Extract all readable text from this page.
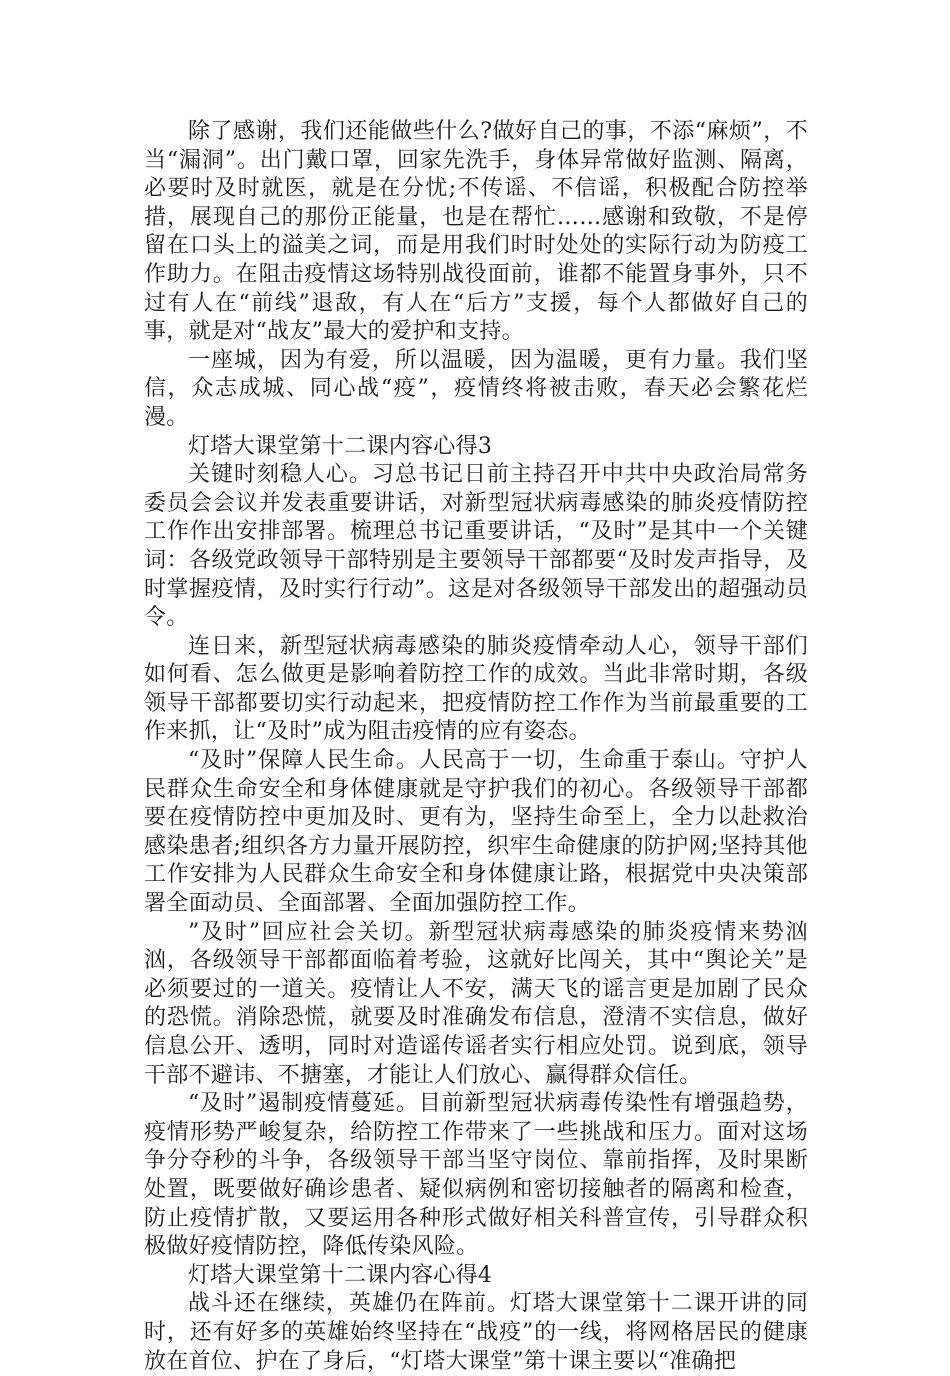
除了感谢，我们还能做些什么?做好自己的事，不添“麻烦”，不当“漏洞”。出门戴口罩，回家先洗手，身体异常做好监测、隔离，必要时及时就医，就是在分忧;不传谣、不信谣，积极配合防控举措，展现自己的那份正能量，也是在帮忙……感谢和致敬，不是停留在口头上的溢美之词，而是用我们时时处处的实际行动为防疫工作助力。在阻击疫情这场特别战役面前，谁都不能置身事外，只不过有人在“前线”退敌，有人在“后方”支援，每个人都做好自己的事，就是对“战友”最大的爱护和支持。

一座城，因为有爱，所以温暖，因为温暖，更有力量。我们坚信，众志成城、同心战“疫”，疫情终将被击败，春天必会繁花烂漫。

灯塔大课堂第十二课内容心得3

关键时刻稳人心。习总书记日前主持召开中共中央政治局常务委员会会议并发表重要讲话，对新型冠状病毒感染的肺炎疫情防控工作作出安排部署。梳理总书记重要讲话，“及时”是其中一个关键词：各级党政领导干部特别是主要领导干部都要“及时发声指导，及时掌握疫情，及时实行行动”。这是对各级领导干部发出的超强动员令。

连日来，新型冠状病毒感染的肺炎疫情牵动人心，领导干部们如何看、怎么做更是影响着防控工作的成效。当此非常时期，各级领导干部都要切实行动起来，把疫情防控工作作为当前最重要的工作来抓，让“及时”成为阻击疫情的应有姿态。

“及时”保障人民生命。人民高于一切，生命重于泰山。守护人民群众生命安全和身体健康就是守护我们的初心。各级领导干部都要在疫情防控中更加及时、更有为，坚持生命至上，全力以赴救治感染患者;组织各方力量开展防控，织牢生命健康的防护网;坚持其他工作安排为人民群众生命安全和身体健康让路，根据党中央决策部署全面动员、全面部署、全面加强防控工作。

”及时”回应社会关切。新型冠状病毒感染的肺炎疫情来势汹汹，各级领导干部都面临着考验，这就好比闯关，其中“舆论关”是必须要过的一道关。疫情让人不安，满天飞的谣言更是加剧了民众的恐慌。消除恐慌，就要及时准确发布信息，澄清不实信息，做好信息公开、透明，同时对造谣传谣者实行相应处罚。说到底，领导干部不避讳、不搪塞，才能让人们放心、赢得群众信任。

“及时”遏制疫情蔓延。目前新型冠状病毒传染性有增强趋势，疫情形势严峻复杂，给防控工作带来了一些挑战和压力。面对这场争分夺秒的斗争，各级领导干部当坚守岗位、靠前指挥，及时果断处置，既要做好确诊患者、疑似病例和密切接触者的隔离和检查，防止疫情扩散，又要运用各种形式做好相关科普宣传，引导群众积极做好疫情防控，降低传染风险。

灯塔大课堂第十二课内容心得4

战斗还在继续，英雄仍在阵前。灯塔大课堂第十二课开讲的同时，还有好多的英雄始终坚持在“战疫”的一线，将网格居民的健康放在首位、护在了身后，“灯塔大课堂”第十课主要以“准确把
